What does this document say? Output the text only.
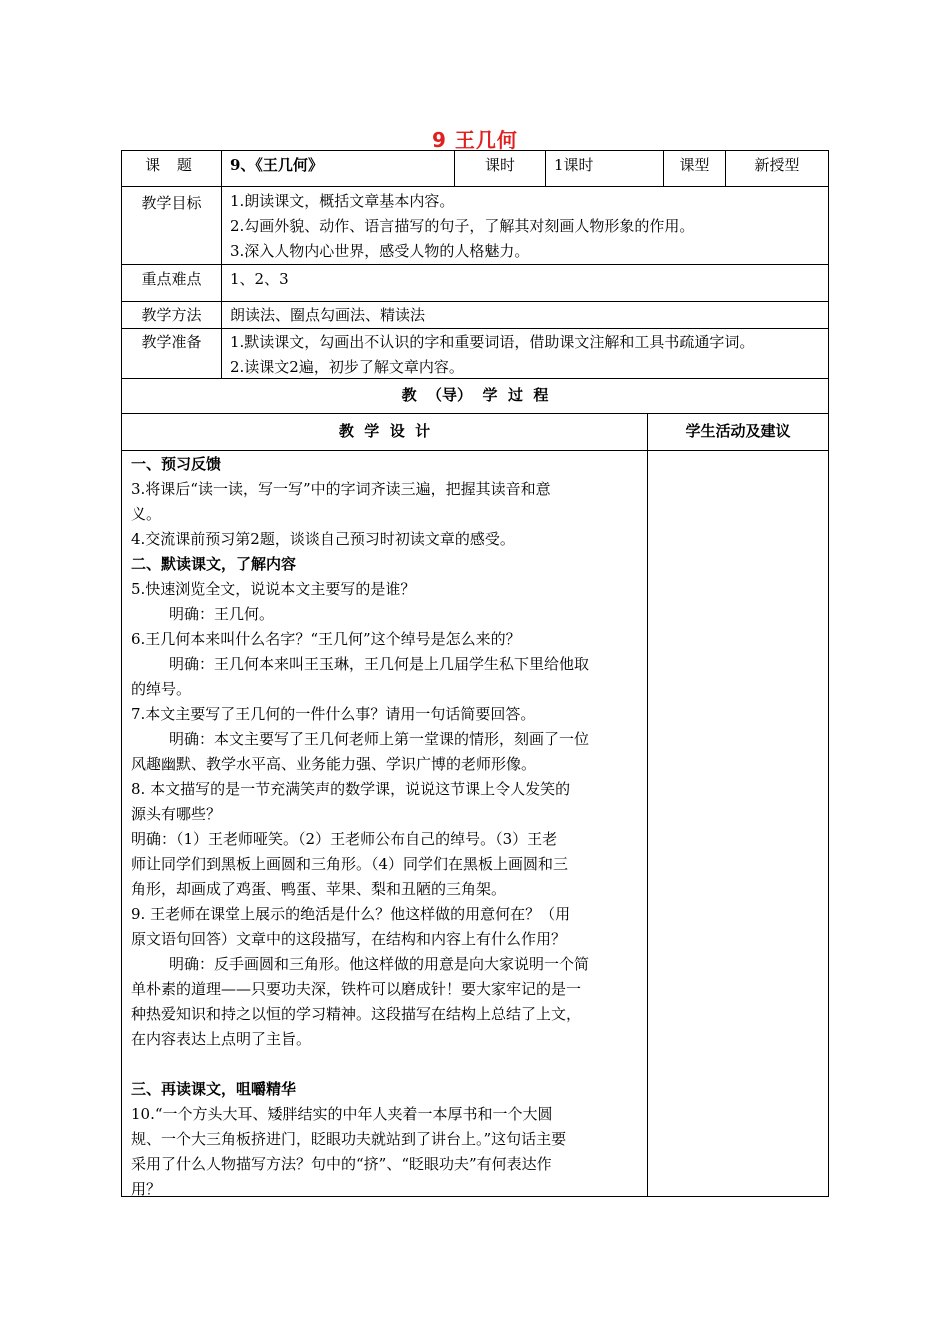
9 王几何
课 题	9、《王几何》	课时	1课时	课型	新授型
教学目标	1.朗读课文，概括文章基本内容。
2.勾画外貌、动作、语言描写的句子，了解其对刻画人物形象的作用。
3.深入人物内心世界，感受人物的人格魅力。
重点难点	1、2、3
教学方法	朗读法、圈点勾画法、精读法
教学准备	1.默读课文，勾画出不认识的字和重要词语，借助课文注解和工具书疏通字词。
2.读课文2遍，初步了解文章内容。
教  （导）  学  过  程
教  学  设  计	学生活动及建议
一、预习反馈
3.将课后“读一读，写一写”中的字词齐读三遍，把握其读音和意
义。
4.交流课前预习第2题，谈谈自己预习时初读文章的感受。
二、默读课文，了解内容
5.快速浏览全文，说说本文主要写的是谁？
明确：王几何。
6.王几何本来叫什么名字？“王几何”这个绰号是怎么来的？
明确：王几何本来叫王玉琳，王几何是上几届学生私下里给他取
的绰号。
7.本文主要写了王几何的一件什么事？请用一句话简要回答。
明确：本文主要写了王几何老师上第一堂课的情形，刻画了一位
风趣幽默、教学水平高、业务能力强、学识广博的老师形像。
8. 本文描写的是一节充满笑声的数学课，说说这节课上令人发笑的
源头有哪些？
明确：（1）王老师哑笑。（2）王老师公布自己的绰号。（3）王老
师让同学们到黑板上画圆和三角形。（4）同学们在黑板上画圆和三
角形，却画成了鸡蛋、鸭蛋、苹果、梨和丑陋的三角架。
9. 王老师在课堂上展示的绝活是什么？他这样做的用意何在？（用
原文语句回答）文章中的这段描写，在结构和内容上有什么作用？
明确：反手画圆和三角形。他这样做的用意是向大家说明一个简
单朴素的道理——只要功夫深，铁杵可以磨成针！要大家牢记的是一
种热爱知识和持之以恒的学习精神。这段描写在结构上总结了上文，
在内容表达上点明了主旨。
三、再读课文，咀嚼精华
10.“一个方头大耳、矮胖结实的中年人夹着一本厚书和一个大圆
规、一个大三角板挤进门，眨眼功夫就站到了讲台上。”这句话主要
采用了什么人物描写方法？句中的“挤”、“眨眼功夫”有何表达作
用？
